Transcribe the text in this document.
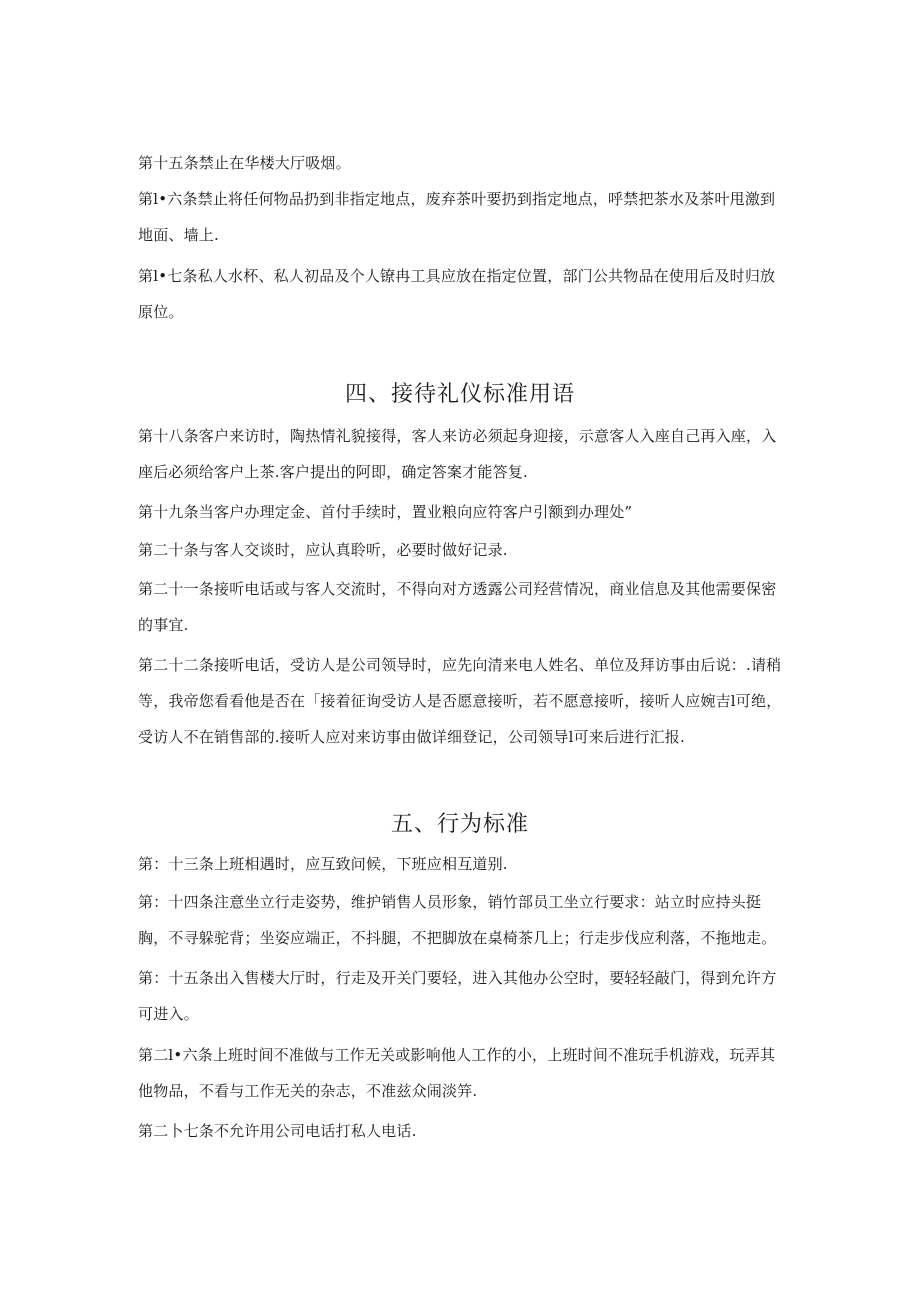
第十五条禁止在华楼大厅吸烟。

第l•六条禁止将任何物品扔到非指定地点，废弃茶叶要扔到指定地点，呼禁把茶水及茶叶甩激到地面、墙上.

第l•七条私人水杯、私人初品及个人镣冉工具应放在指定位置，部门公共物品在使用后及时归放原位。

四、接待礼仪标准用语

第十八条客户来访时，陶热情礼貌接得，客人来访必须起身迎接，示意客人入座自己再入座，入座后必须给客户上茶.客户提出的阿即，确定答案才能答复.

第十九条当客户办理定金、首付手续时，置业粮向应符客户引额到办理处”

第二十条与客人交谈时，应认真聆听，必要时做好记录.

第二十一条接听电话或与客人交流时，不得向对方透露公司羟营情况，商业信息及其他需要保密的事宜.

第二十二条接听电话，受访人是公司领导时，应先向清来电人姓名、单位及拜访事由后说：.请稍等，我帝您看看他是否在「接着征询受访人是否愿意接听，若不愿意接听，接听人应婉吉l可绝，受访人不在销售部的.接听人应对来访事由做详细登记，公司领导l可来后进行汇报.

五、行为标准

第：十三条上班相遇时，应互致问候，下班应相互道别.

第：十四条注意坐立行走姿势，维护销售人员形象，销竹部员工坐立行要求：站立时应持头挺胸，不寻躲驼背；坐姿应端正，不抖腿，不把脚放在桌椅茶几上；行走步伐应利落，不拖地走。

第：十五条出入售楼大厅时，行走及开关门要轻，进入其他办公空时，要轻轻敲门，得到允许方可进入。

第二l•六条上班时间不准做与工作无关或影响他人工作的小，上班时间不准玩手机游戏，玩弄其他物品，不看与工作无关的杂志，不准兹众闹淡笄.

第二卜七条不允许用公司电话打私人电话.
